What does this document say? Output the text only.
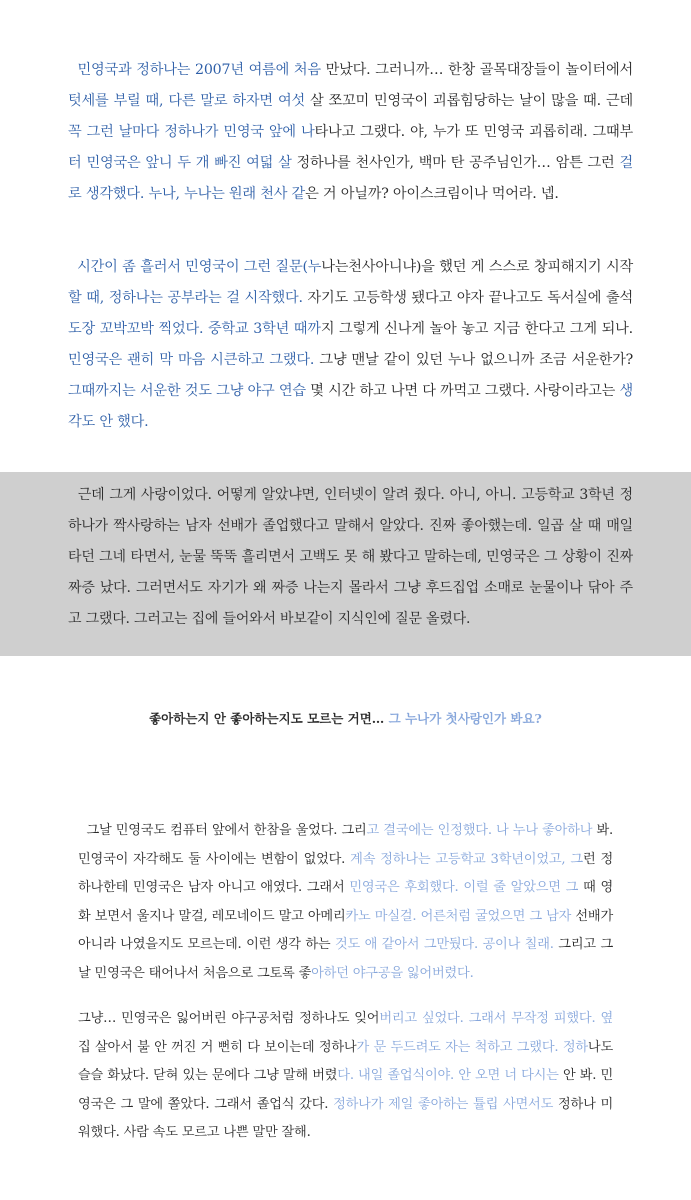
민영국과 정하나는 2007년 여름에 처음 만났다. 그러니까… 한창 골목대장들이 놀이터에서 텃세를 부릴 때, 다른 말로 하자면 여섯 살 쪼꼬미 민영국이 괴롭힘당하는 날이 많을 때. 근데 꼭 그런 날마다 정하나가 민영국 앞에 나타나고 그랬다. 야, 누가 또 민영국 괴롭히래. 그때부터 민영국은 앞니 두 개 빠진 여덟 살 정하나를 천사인가, 백마 탄 공주님인가… 암튼 그런 걸로 생각했다. 누나, 누나는 원래 천사 같은 거 아닐까? 아이스크림이나 먹어라. 넵.
시간이 좀 흘러서 민영국이 그런 질문(누나는천사아니냐)을 했던 게 스스로 창피해지기 시작할 때, 정하나는 공부라는 걸 시작했다. 자기도 고등학생 됐다고 야자 끝나고도 독서실에 출석도장 꼬박꼬박 찍었다. 중학교 3학년 때까지 그렇게 신나게 놀아 놓고 지금 한다고 그게 되나. 민영국은 괜히 막 마음 시큰하고 그랬다. 그냥 맨날 같이 있던 누나 없으니까 조금 서운한가? 그때까지는 서운한 것도 그냥 야구 연습 몇 시간 하고 나면 다 까먹고 그랬다. 사랑이라고는 생각도 안 했다.
근데 그게 사랑이었다. 어떻게 알았냐면, 인터넷이 알려 줬다. 아니, 아니. 고등학교 3학년 정하나가 짝사랑하는 남자 선배가 졸업했다고 말해서 알았다. 진짜 좋아했는데. 일곱 살 때 매일 타던 그네 타면서, 눈물 뚝뚝 흘리면서 고백도 못 해 봤다고 말하는데, 민영국은 그 상황이 진짜 짜증 났다. 그러면서도 자기가 왜 짜증 나는지 몰라서 그냥 후드집업 소매로 눈물이나 닦아 주고 그랬다. 그러고는 집에 들어와서 바보같이 지식인에 질문 올렸다.
좋아하는지 안 좋아하는지도 모르는 거면… 그 누나가 첫사랑인가 봐요?
그날 민영국도 컴퓨터 앞에서 한참을 울었다. 그리고 결국에는 인정했다. 나 누나 좋아하나 봐. 민영국이 자각해도 둘 사이에는 변함이 없었다. 계속 정하나는 고등학교 3학년이었고, 그런 정하나한테 민영국은 남자 아니고 애였다. 그래서 민영국은 후회했다. 이럴 줄 알았으면 그 때 영화 보면서 울지나 말걸, 레모네이드 말고 아메리카노 마실걸. 어른처럼 굴었으면 그 남자 선배가 아니라 나였을지도 모르는데. 이런 생각 하는 것도 애 같아서 그만뒀다. 공이나 칠래. 그리고 그날 민영국은 태어나서 처음으로 그토록 좋아하던 야구공을 잃어버렸다.
그냥… 민영국은 잃어버린 야구공처럼 정하나도 잊어버리고 싶었다. 그래서 무작정 피했다. 옆집 살아서 불 안 꺼진 거 뻔히 다 보이는데 정하나가 문 두드려도 자는 척하고 그랬다. 정하나도 슬슬 화났다. 닫혀 있는 문에다 그냥 말해 버렸다. 내일 졸업식이야. 안 오면 너 다시는 안 봐. 민영국은 그 말에 쫄았다. 그래서 졸업식 갔다. 정하나가 제일 좋아하는 튤립 사면서도 정하나 미워했다. 사람 속도 모르고 나쁜 말만 잘해.
